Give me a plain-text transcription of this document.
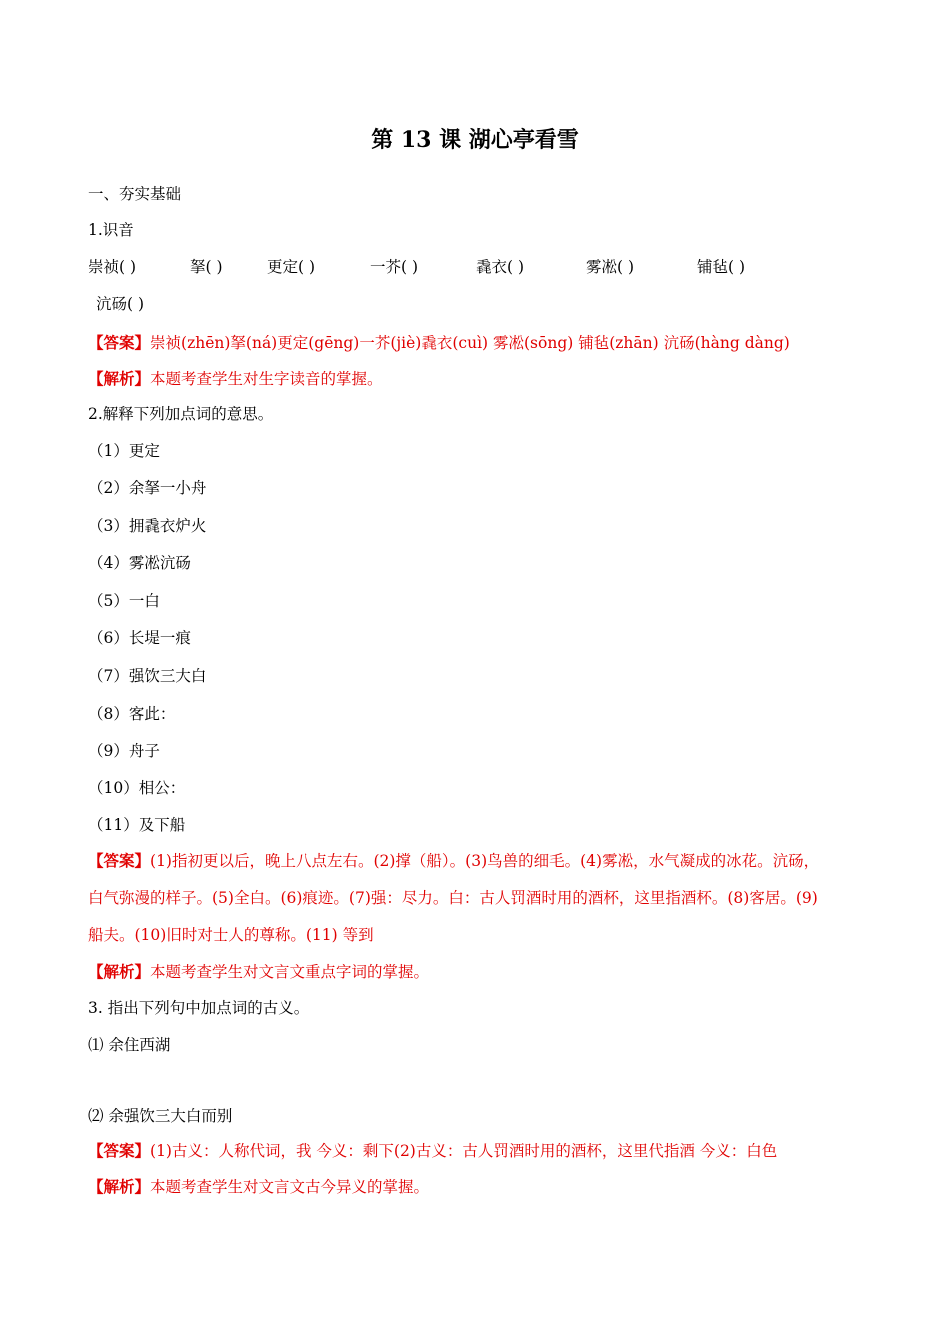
第 13 课 湖心亭看雪
一、夯实基础
1.识音
崇祯( )	拏( )	更定( )	一芥( )	毳衣( )	雾凇( )	铺毡( )
沆砀( )
【答案】崇祯(zhēn)拏(ná)更定(gēng)一芥(jiè)毳衣(cuì) 雾凇(sōng) 铺毡(zhān) 沆砀(hàng dàng)
【解析】本题考查学生对生字读音的掌握。
2.解释下列加点词的意思。
（1）更定
（2）余拏一小舟
（3）拥毳衣炉火
（4）雾凇沆砀
（5）一白
（6）长堤一痕
（7）强饮三大白
（8）客此：
（9）舟子
（10）相公：
（11）及下船
【答案】(1)指初更以后，晚上八点左右。(2)撑（船）。(3)鸟兽的细毛。(4)雾凇，水气凝成的冰花。沆砀，
白气弥漫的样子。(5)全白。(6)痕迹。(7)强：尽力。白：古人罚酒时用的酒杯，这里指酒杯。(8)客居。(9)
船夫。(10)旧时对士人的尊称。(11) 等到
【解析】本题考查学生对文言文重点字词的掌握。
3. 指出下列句中加点词的古义。
⑴ 余住西湖
⑵ 余强饮三大白而别
【答案】(1)古义：人称代词，我 今义：剩下(2)古义：古人罚酒时用的酒杯，这里代指酒 今义：白色
【解析】本题考查学生对文言文古今异义的掌握。
